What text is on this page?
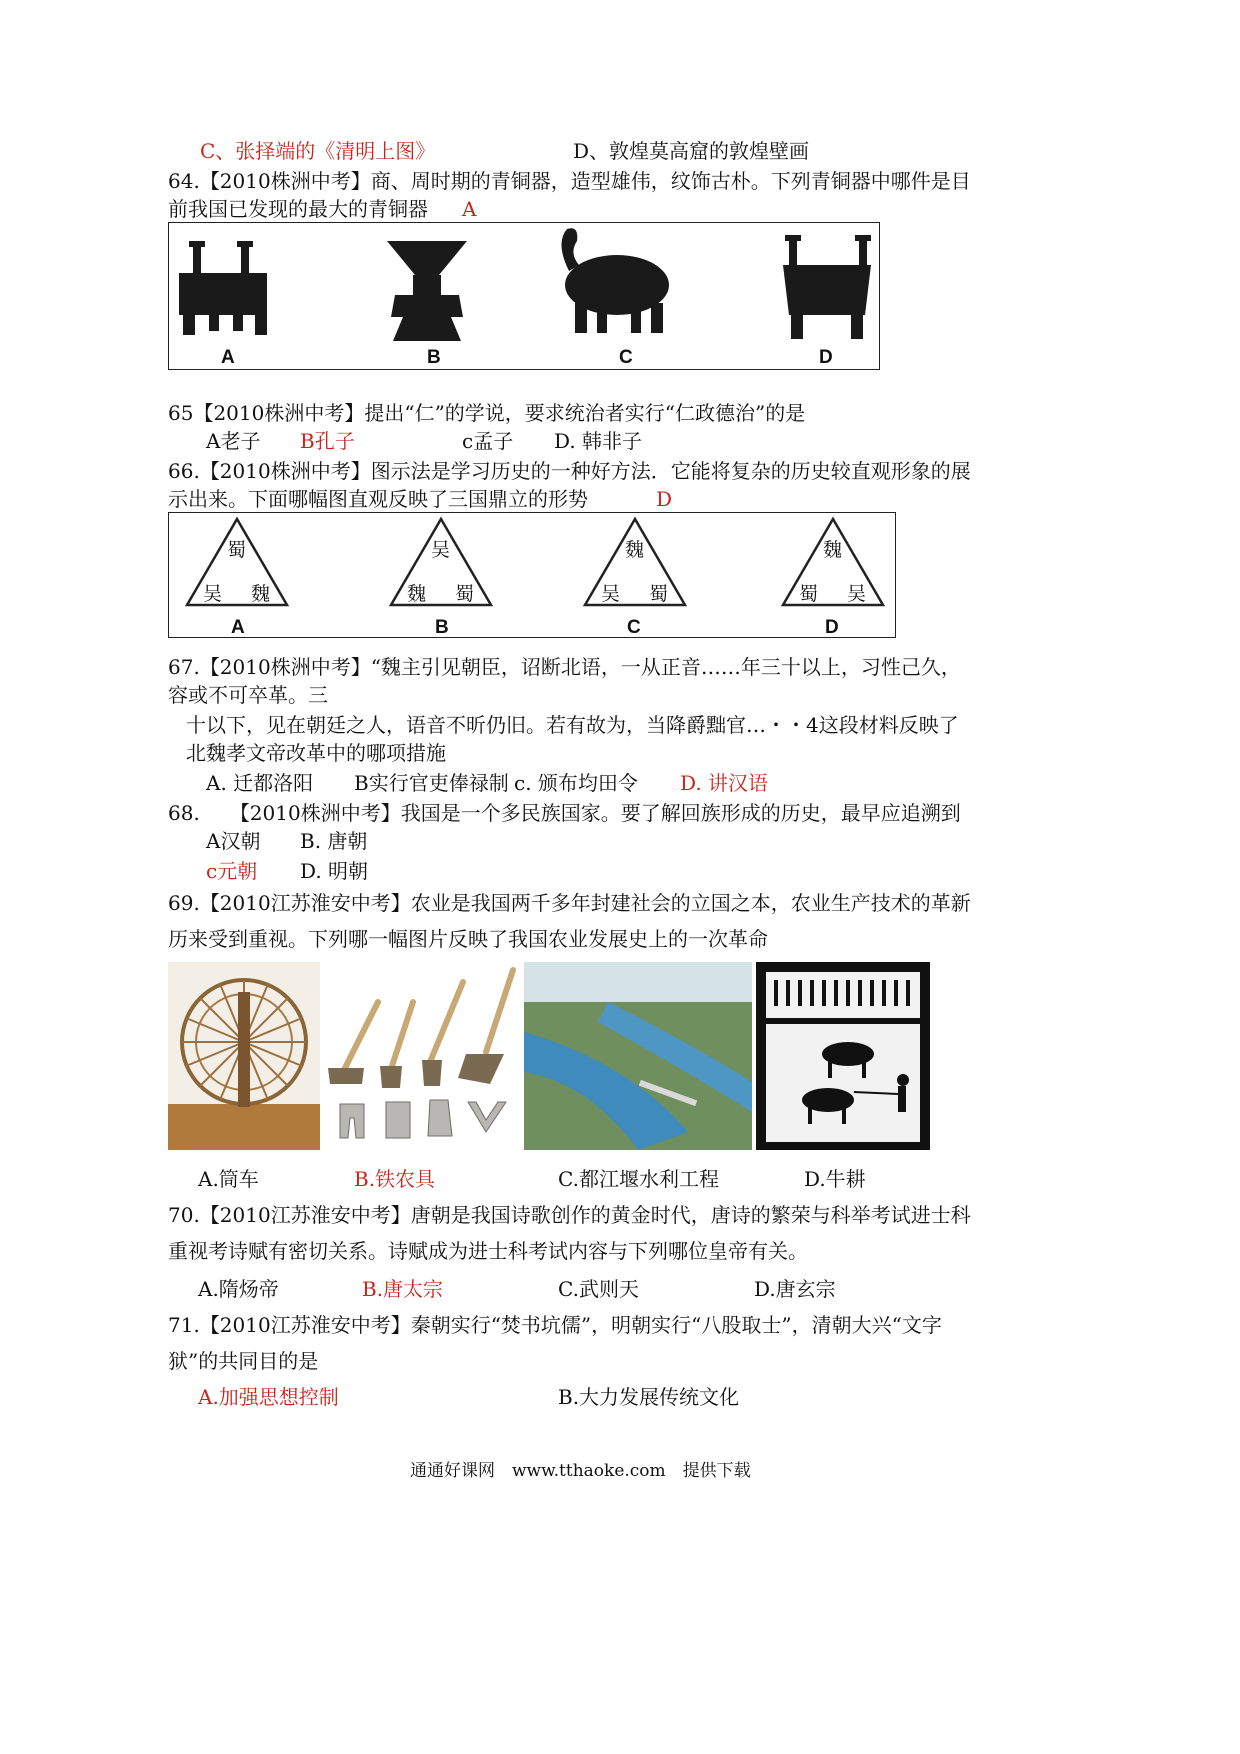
C、张择端的《清明上图》	D、敦煌莫高窟的敦煌壁画
64.【2010株洲中考】商、周时期的青铜器，造型雄伟，纹饰古朴。下列青铜器中哪件是目
前我国已发现的最大的青铜器 A
A	B	C	D
65【2010株洲中考】提出“仁”的学说，要求统治者实行“仁政德治”的是
A老子 B孔子	c孟子 D. 韩非子
66.【2010株洲中考】图示法是学习历史的一种好方法．它能将复杂的历史较直观形象的展
示出来。下面哪幅图直观反映了三国鼎立的形势	D
蜀
吴 魏
A
吴
魏 蜀
B
魏
吴 蜀
C
魏
蜀 吴
D
67.【2010株洲中考】“魏主引见朝臣，诏断北语，一从正音……年三十以上，习性己久，
容或不可卒革。三
十以下，见在朝廷之人，语音不昕仍旧。若有故为，当降爵黜官…・・4这段材料反映了
北魏孝文帝改革中的哪项措施
A. 迁都洛阳 B实行官吏俸禄制 c. 颁布均田令 D. 讲汉语
68.　　【2010株洲中考】我国是一个多民族国家。要了解回族形成的历史，最早应追溯到
A汉朝 B. 唐朝
c元朝 D. 明朝
69.【2010江苏淮安中考】农业是我国两千多年封建社会的立国之本，农业生产技术的革新
历来受到重视。下列哪一幅图片反映了我国农业发展史上的一次革命
A.筒车	B.铁农具	C.都江堰水利工程	D.牛耕
70.【2010江苏淮安中考】唐朝是我国诗歌创作的黄金时代，唐诗的繁荣与科举考试进士科
重视考诗赋有密切关系。诗赋成为进士科考试内容与下列哪位皇帝有关。
A.隋炀帝	B.唐太宗	C.武则天	D.唐玄宗
71.【2010江苏淮安中考】秦朝实行“焚书坑儒”，明朝实行“八股取士”，清朝大兴“文字
狱”的共同目的是
A.加强思想控制	B.大力发展传统文化
通通好课网　www.tthaoke.com　提供下载
